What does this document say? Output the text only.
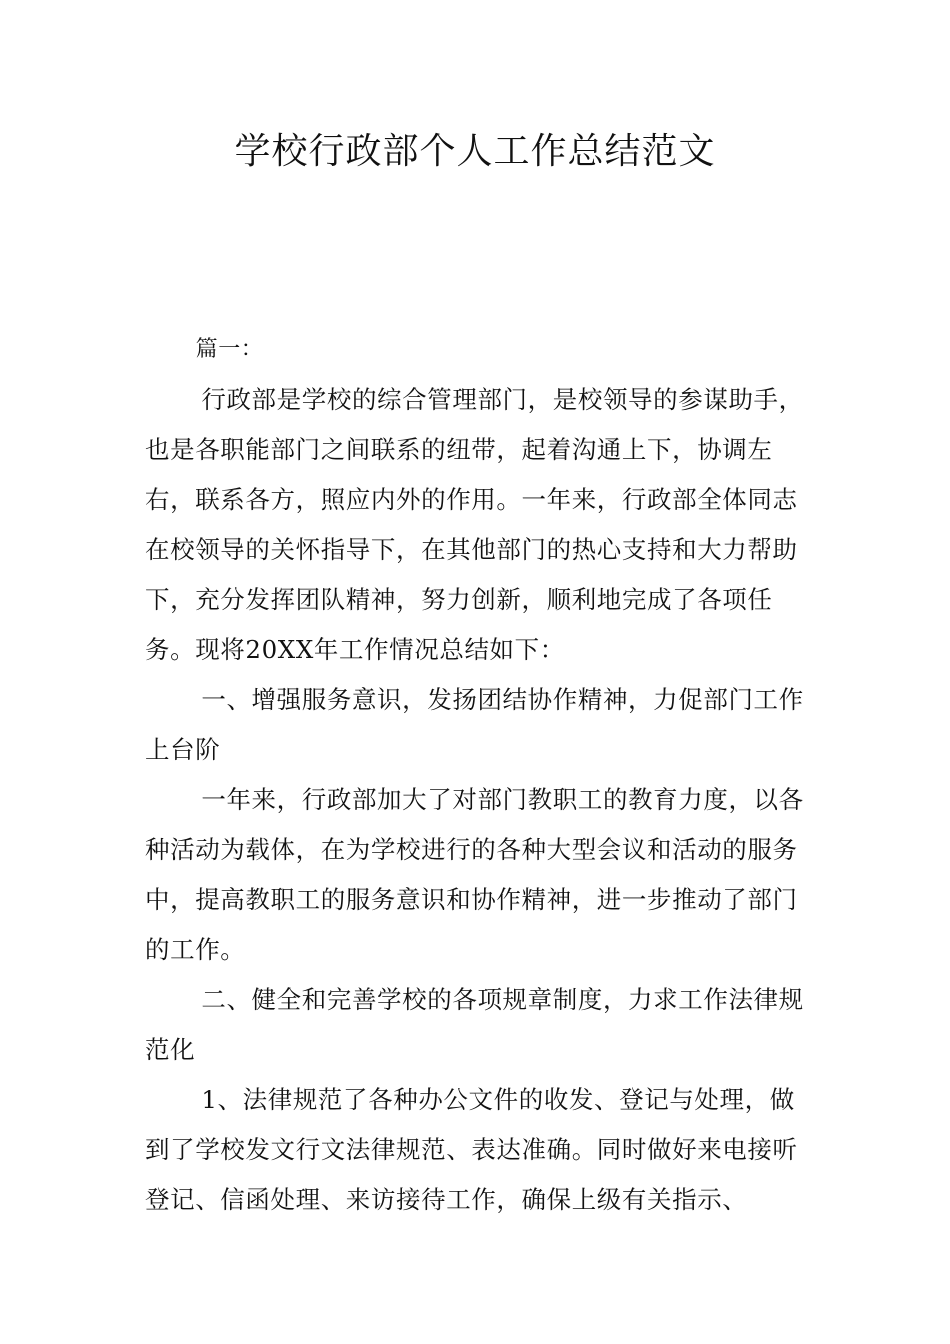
学校行政部个人工作总结范文

篇一：

行政部是学校的综合管理部门，是校领导的参谋助手，也是各职能部门之间联系的纽带，起着沟通上下，协调左右，联系各方，照应内外的作用。一年来，行政部全体同志在校领导的关怀指导下，在其他部门的热心支持和大力帮助下，充分发挥团队精神，努力创新，顺利地完成了各项任务。现将20XX年工作情况总结如下：

一、增强服务意识，发扬团结协作精神，力促部门工作上台阶

一年来，行政部加大了对部门教职工的教育力度，以各种活动为载体，在为学校进行的各种大型会议和活动的服务中，提高教职工的服务意识和协作精神，进一步推动了部门的工作。

二、健全和完善学校的各项规章制度，力求工作法律规范化

1、法律规范了各种办公文件的收发、登记与处理，做到了学校发文行文法律规范、表达准确。同时做好来电接听登记、信函处理、来访接待工作，确保上级有关指示、
